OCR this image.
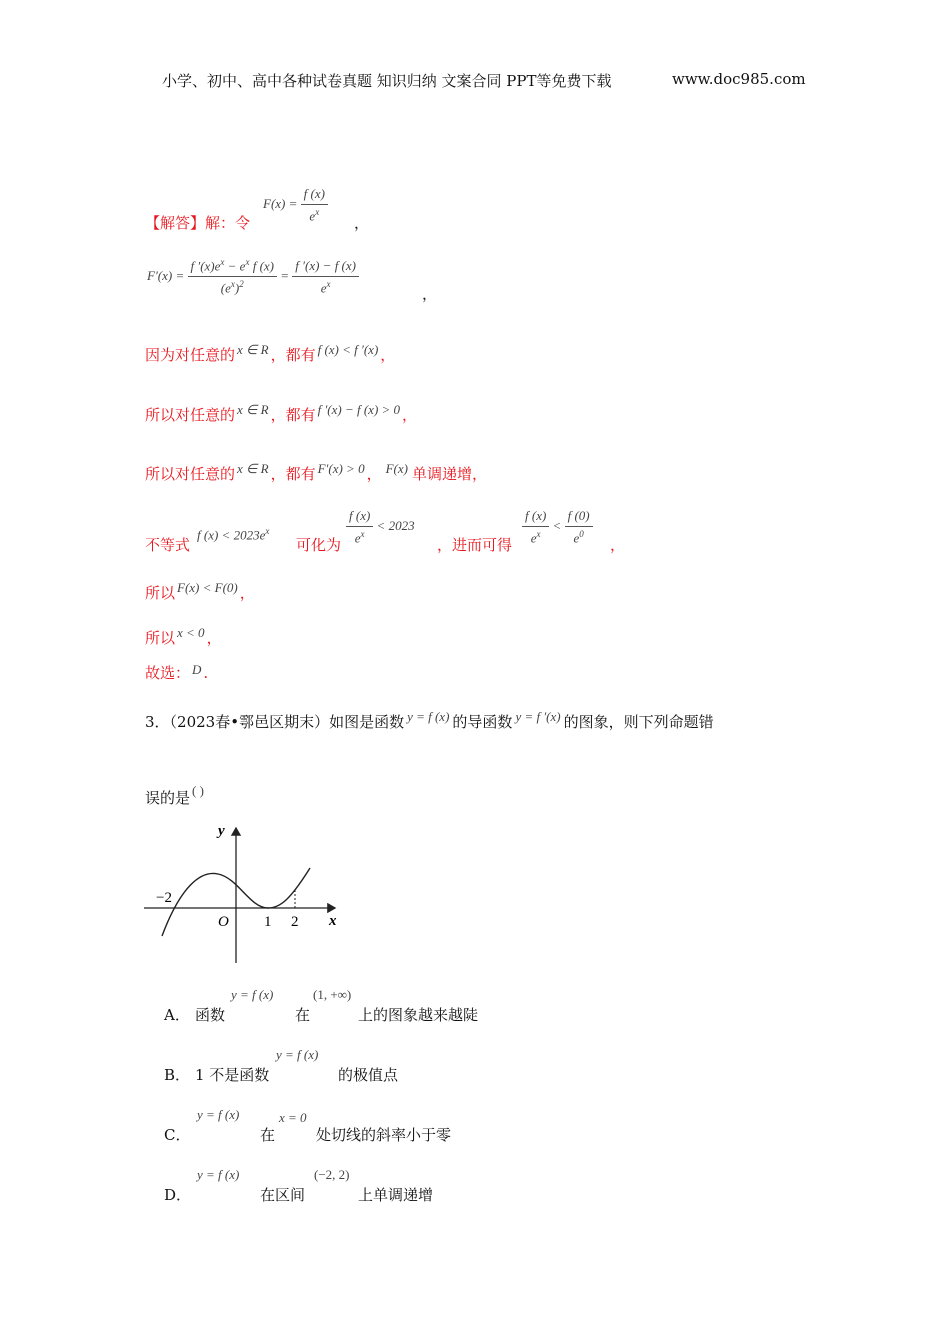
小学、初中、高中各种试卷真题 知识归纳 文案合同 PPT等免费下载	www.doc985.com
【解答】解：令
$F(x) = \frac{f (x)}{e^x}$ ，
$F'(x) = \frac{f '(x)e^x - e^x f (x)}{(e^x)^2} = \frac{f '(x) - f (x)}{e^x}$	，
因为对任意的 x ∈ R ，都有 f (x) < f ′(x) ，
所以对任意的 x ∈ R ，都有 f ′(x) − f (x) > 0 ，
所以对任意的 x ∈ R ，都有 F′(x) > 0 ， F(x) 单调递增，
不等式
f $(x) < 2023e^x$
可化为 $\frac{f (x)}{e^x} < 2023$
，进而可得 $\frac{f (x)}{e^x} < \frac{f (0)}{e^0}$ ，
所以 F(x) < F(0) ，
所以 x < 0 ，
故选： D .
3．（2023春•鄠邑区期末）如图是函数 y = f (x) 的导函数 y = f ′(x) 的图象，则下列命题错
误的是 ( )
y
x
O
−2
1 2
A． 函数
y = f (x)
在
(1, +∞)
上的图象越来越陡
B． 1 不是函数
y = f (x)
的极值点
C．
y = f (x)
在
x = 0
处切线的斜率小于零
D．
y = f (x)
在区间
(−2, 2)
上单调递增
